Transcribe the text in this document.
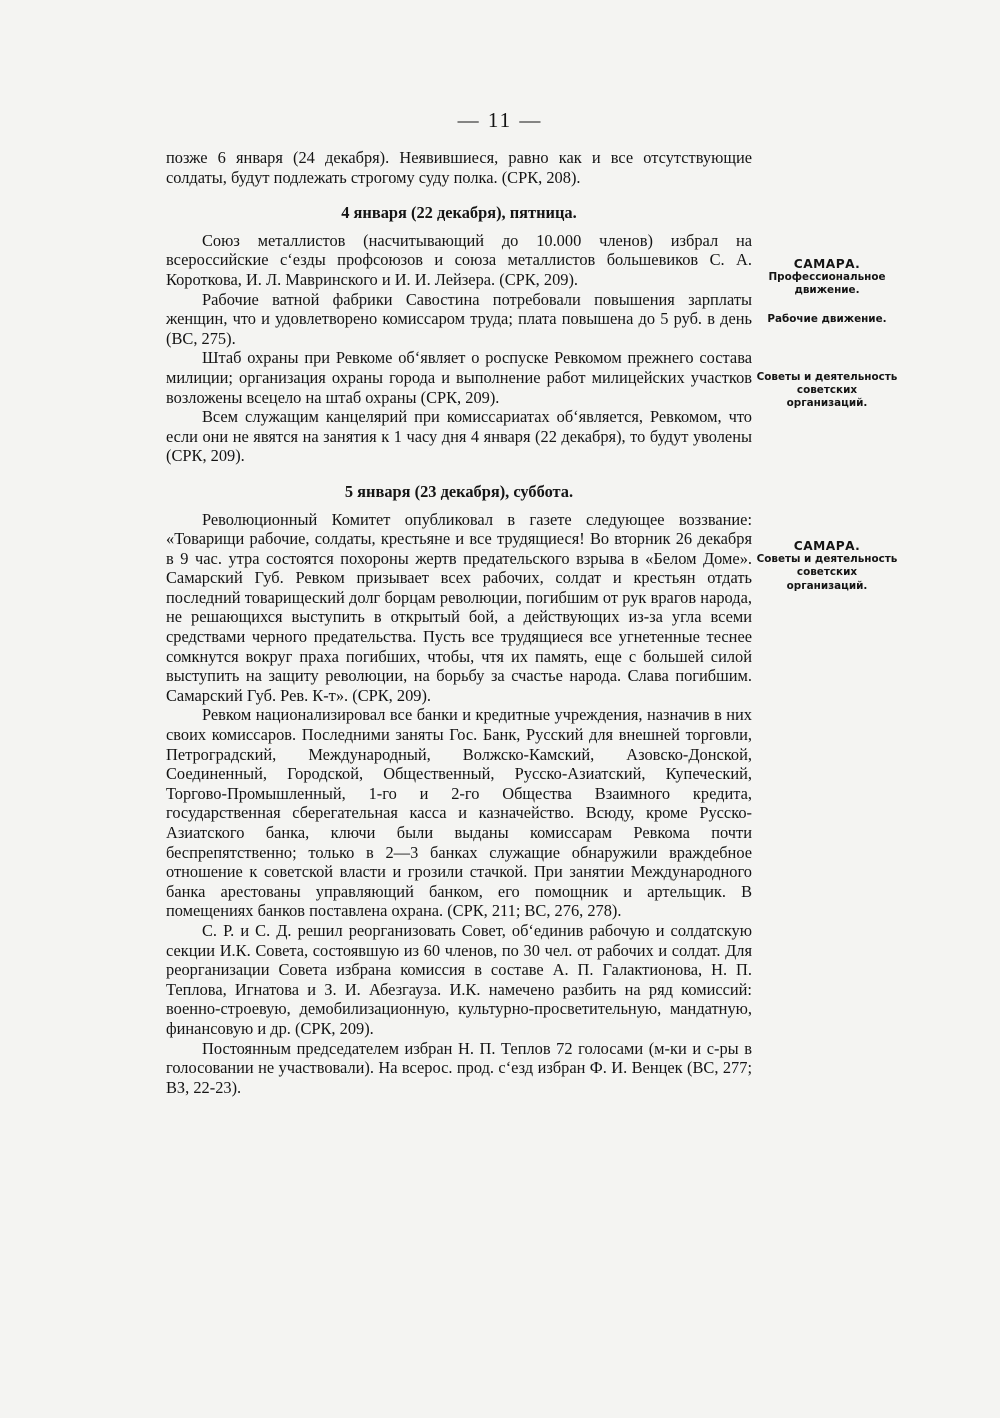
— 11 —

позже 6 января (24 декабря). Неявившиеся, равно как и все отсутствующие солдаты, будут подлежать строгому суду полка. (СРК, 208).

4 января (22 декабря), пятница.

Союз металлистов (насчитывающий до 10.000 членов) избрал на всероссийские с‘езды профсоюзов и союза металлистов большевиков С. А. Короткова, И. Л. Мавринского и И. И. Лейзера. (СРК, 209).

Рабочие ватной фабрики Савостина потребовали повышения зарплаты женщин, что и удовлетворено комиссаром труда; плата повышена до 5 руб. в день (ВС, 275).

Штаб охраны при Ревкоме об‘являет о роспуске Ревкомом прежнего состава милиции; организация охраны города и выполнение работ милицейских участков возложены всецело на штаб охраны (СРК, 209).

Всем служащим канцелярий при комиссариатах об‘является, Ревкомом, что если они не явятся на занятия к 1 часу дня 4 января (22 декабря), то будут уволены (СРК, 209).

5 января (23 декабря), суббота.

Революционный Комитет опубликовал в газете следующее воззвание: «Товарищи рабочие, солдаты, крестьяне и все трудящиеся! Во вторник 26 декабря в 9 час. утра состоятся похороны жертв предательского взрыва в «Белом Доме». Самарский Губ. Ревком призывает всех рабочих, солдат и крестьян отдать последний товарищеский долг борцам революции, погибшим от рук врагов народа, не решающихся выступить в открытый бой, а действующих из-за угла всеми средствами черного предательства. Пусть все трудящиеся все угнетенные теснее сомкнутся вокруг праха погибших, чтобы, чтя их память, еще с большей силой выступить на защиту революции, на борьбу за счастье народа. Слава погибшим. Самарский Губ. Рев. К-т». (СРК, 209).

Ревком национализировал все банки и кредитные учреждения, назначив в них своих комиссаров. Последними заняты Гос. Банк, Русский для внешней торговли, Петроградский, Международный, Волжско-Камский, Азовско-Донской, Соединенный, Городской, Общественный, Русско-Азиатский, Купеческий, Торгово-Промышленный, 1-го и 2-го Общества Взаимного кредита, государственная сберегательная касса и казначейство. Всюду, кроме Русско-Азиатского банка, ключи были выданы комиссарам Ревкома почти беспрепятственно; только в 2—3 банках служащие обнаружили враждебное отношение к советской власти и грозили стачкой. При занятии Международного банка арестованы управляющий банком, его помощник и артельщик. В помещениях банков поставлена охрана. (СРК, 211; ВС, 276, 278).

С. Р. и С. Д. решил реорганизовать Совет, об‘единив рабочую и солдатскую секции И.К. Совета, состоявшую из 60 членов, по 30 чел. от рабочих и солдат. Для реорганизации Совета избрана комиссия в составе А. П. Галактионова, Н. П. Теплова, Игнатова и З. И. Абезгауза. И.К. намечено разбить на ряд комиссий: военно-строевую, демобилизационную, культурно-просветительную, мандатную, финансовую и др. (СРК, 209).

Постоянным председателем избран Н. П. Теплов 72 голосами (м-ки и с-ры в голосовании не участвовали). На всерос. прод. с‘езд избран Ф. И. Венцек (ВС, 277; ВЗ, 22-23).

САМАРА.
Профессиональное движение.
Рабочие движение.
Советы и деятельность советских организаций.
САМАРА.
Советы и деятельность советских организаций.
